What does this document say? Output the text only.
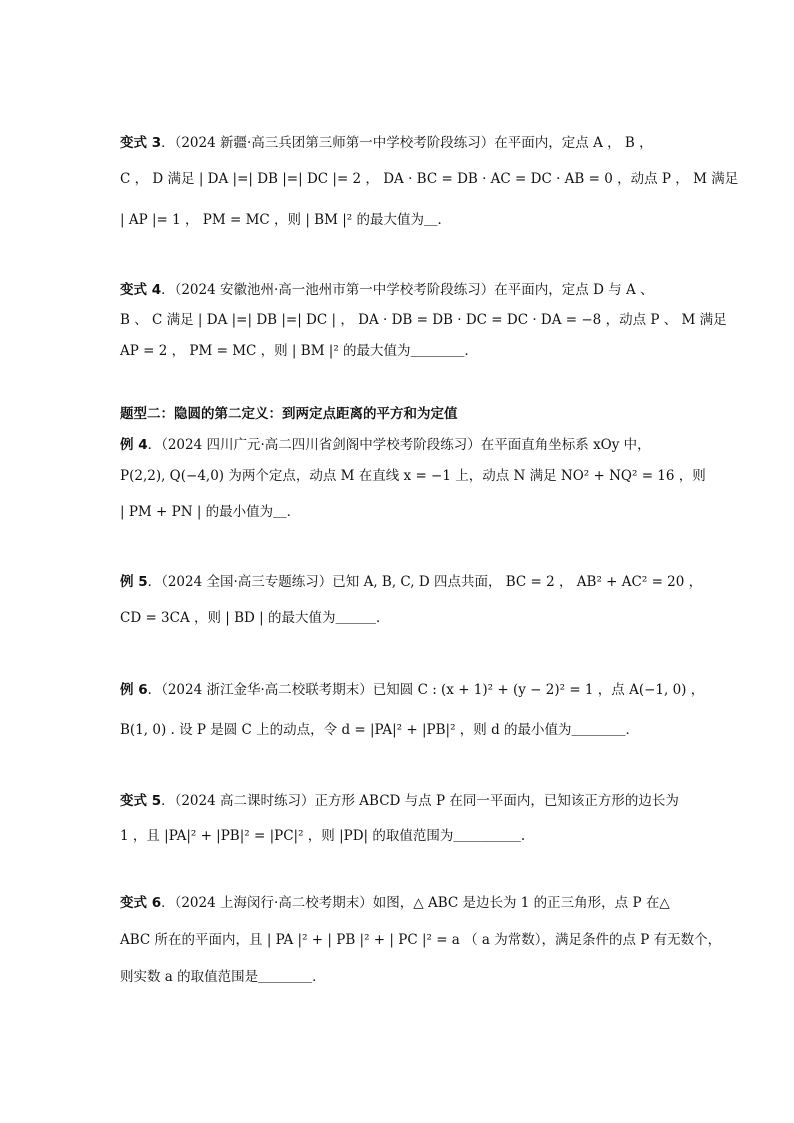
变式 3．（2024 新疆·高三兵团第三师第一中学校考阶段练习）在平面内，定点 A ， B ，
C ， D 满足 | DA |=| DB |=| DC |= 2 ， DA · BC = DB · AC = DC · AB = 0 ，动点 P ， M 满足
| AP |= 1 ， PM = MC ，则 | BM |² 的最大值为＿．
变式 4．（2024 安徽池州·高一池州市第一中学校考阶段练习）在平面内，定点 D 与 A 、
B 、 C 满足 | DA |=| DB |=| DC | ， DA · DB = DB · DC = DC · DA = −8 ，动点 P 、 M 满足
AP = 2 ， PM = MC ，则 | BM |² 的最大值为＿＿＿＿．
题型二：隐圆的第二定义：到两定点距离的平方和为定值
例 4．（2024 四川广元·高二四川省剑阁中学校考阶段练习）在平面直角坐标系 xOy 中，
P(2,2), Q(−4,0) 为两个定点，动点 M 在直线 x = −1 上，动点 N 满足 NO² + NQ² = 16 ，则
| PM + PN | 的最小值为＿．
例 5．（2024 全国·高三专题练习）已知 A, B, C, D 四点共面， BC = 2 ， AB² + AC² = 20 ，
CD = 3CA ，则 | BD | 的最大值为＿＿＿．
例 6．（2024 浙江金华·高二校联考期末）已知圆 C : (x + 1)² + (y − 2)² = 1 ，点 A(−1, 0) ，
B(1, 0) . 设 P 是圆 C 上的动点，令 d = |PA|² + |PB|² ，则 d 的最小值为＿＿＿＿．
变式 5．（2024 高二课时练习）正方形 ABCD 与点 P 在同一平面内，已知该正方形的边长为
1 ，且 |PA|² + |PB|² = |PC|² ，则 |PD| 的取值范围为＿＿＿＿＿.
变式 6．（2024 上海闵行·高二校考期末）如图，△ ABC 是边长为 1 的正三角形，点 P 在△
ABC 所在的平面内，且 | PA |² + | PB |² + | PC |² = a （ a 为常数），满足条件的点 P 有无数个，
则实数 a 的取值范围是＿＿＿＿．
